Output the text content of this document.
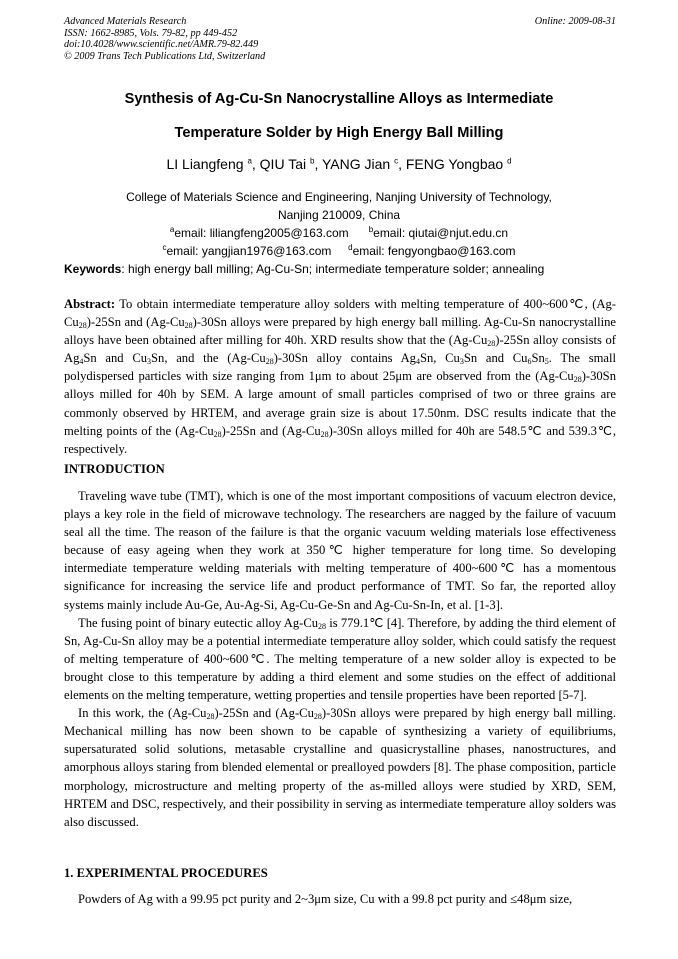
Advanced Materials Research
ISSN: 1662-8985, Vols. 79-82, pp 449-452
doi:10.4028/www.scientific.net/AMR.79-82.449
© 2009 Trans Tech Publications Ltd, Switzerland
Online: 2009-08-31
Synthesis of Ag-Cu-Sn Nanocrystalline Alloys as Intermediate
Temperature Solder by High Energy Ball Milling
LI Liangfeng $^a$, QIU Tai $^b$, YANG Jian $^c$, FENG Yongbao $^d$
College of Materials Science and Engineering, Nanjing University of Technology,
Nanjing 210009, China
$^a$email: liliangfeng2005@163.com	$^b$email: qiutai@njut.edu.cn
$^c$email: yangjian1976@163.com $^d$email: fengyongbao@163.com
Keywords: high energy ball milling; Ag-Cu-Sn; intermediate temperature solder; annealing

Abstract: To obtain intermediate temperature alloy solders with melting temperature of 400~600℃, $(Ag-Cu_{28})-25Sn$ and $(Ag-Cu_{28})-30Sn$ alloys were prepared by high energy ball milling. Ag-Cu-Sn nanocrystalline alloys have been obtained after milling for 40h. XRD results show that the $(Ag-Cu_{28})-25Sn$ alloy consists of $Ag_4Sn$ and $Cu_3Sn$, and the $(Ag-Cu_{28})-30Sn$ alloy contains $Ag_4Sn$, $Cu_3Sn$ and $Cu_6Sn_5$. The small polydispersed particles with size ranging from 1μm to about 25μm are observed from the $(Ag-Cu_{28})-30Sn$ alloys milled for 40h by SEM. A large amount of small particles comprised of two or three grains are commonly observed by HRTEM, and average grain size is about 17.50nm. DSC results indicate that the melting points of the $(Ag-Cu_{28})-25Sn$ and $(Ag-Cu_{28})-30Sn$ alloys milled for 40h are 548.5℃ and 539.3℃, respectively.

INTRODUCTION

Traveling wave tube (TMT), which is one of the most important compositions of vacuum electron device, plays a key role in the field of microwave technology. The researchers are nagged by the failure of vacuum seal all the time. The reason of the failure is that the organic vacuum welding materials lose effectiveness because of easy ageing when they work at 350℃ higher temperature for long time. So developing intermediate temperature welding materials with melting temperature of 400~600℃ has a momentous significance for increasing the service life and product performance of TMT. So far, the reported alloy systems mainly include Au-Ge, Au-Ag-Si, Ag-Cu-Ge-Sn and Ag-Cu-Sn-In, et al. [1-3].

The fusing point of binary eutectic alloy $Ag-Cu_{28}$ is 779.1℃ [4]. Therefore, by adding the third element of Sn, Ag-Cu-Sn alloy may be a potential intermediate temperature alloy solder, which could satisfy the request of melting temperature of 400~600℃. The melting temperature of a new solder alloy is expected to be brought close to this temperature by adding a third element and some studies on the effect of additional elements on the melting temperature, wetting properties and tensile properties have been reported [5-7].

In this work, the $(Ag-Cu_{28})-25Sn$ and $(Ag-Cu_{28})-30Sn$ alloys were prepared by high energy ball milling. Mechanical milling has now been shown to be capable of synthesizing a variety of equilibriums, supersaturated solid solutions, metasable crystalline and quasicrystalline phases, nanostructures, and amorphous alloys staring from blended elemental or prealloyed powders [8]. The phase composition, particle morphology, microstructure and melting property of the as-milled alloys were studied by XRD, SEM, HRTEM and DSC, respectively, and their possibility in serving as intermediate temperature alloy solders was also discussed.

1. EXPERIMENTAL PROCEDURES

Powders of Ag with a 99.95 pct purity and 2~3μm size, Cu with a 99.8 pct purity and ≤48μm size,
